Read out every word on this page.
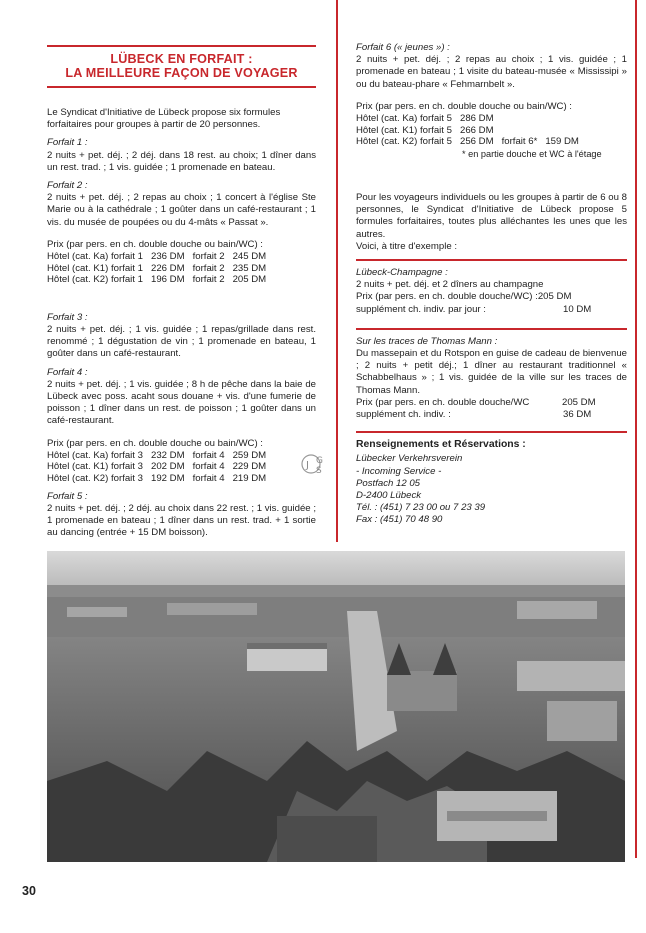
LÜBECK EN FORFAIT :
LA MEILLEURE FAÇON DE VOYAGER

Le Syndicat d'Initiative de Lübeck propose six formules forfaitaires pour groupes à partir de 20 personnes.

Forfait 1 :

2 nuits + pet. déj. ; 2 déj. dans 18 rest. au choix; 1 dîner dans un rest. trad. ; 1 vis. guidée ; 1 promenade en bateau.

Forfait 2 :

2 nuits + pet. déj. ; 2 repas au choix ; 1 concert à l'église Ste Marie ou à la cathédrale ; 1 goûter dans un café-restaurant ; 1 vis. du musée de poupées ou du 4-mâts « Passat ».

Prix (par pers. en ch. double douche ou bain/WC) :

Hôtel (cat. Ka) forfait 1	236 DM	forfait 2	245 DM
Hôtel (cat. K1) forfait 1	226 DM	forfait 2	235 DM
Hôtel (cat. K2) forfait 1	196 DM	forfait 2	205 DM

Forfait 3 :

2 nuits + pet. déj. ; 1 vis. guidée ; 1 repas/grillade dans rest. renommé ; 1 dégustation de vin ; 1 promenade en bateau, 1 goûter dans un café-restaurant.

Forfait 4 :

2 nuits + pet. déj. ; 1 vis. guidée ; 8 h de pêche dans la baie de Lübeck avec poss. acaht sous douane + vis. d'une fumerie de poisson ; 1 dîner dans un rest. de poisson ; 1 goûter dans un café-restaurant.

Prix (par pers. en ch. double douche ou bain/WC) :

Hôtel (cat. Ka) forfait 3	232 DM	forfait 4	259 DM
Hôtel (cat. K1) forfait 3	202 DM	forfait 4	229 DM
Hôtel (cat. K2) forfait 3	192 DM	forfait 4	219 DM

Forfait 5 :

2 nuits + pet. déj. ; 2 déj. au choix dans 22 rest. ; 1 vis. guidée ; 1 promenade en bateau ; 1 dîner dans un rest. trad. + 1 sortie au dancing (entrée + 15 DM boisson).

J G
S

Forfait 6 (« jeunes ») :

2 nuits + pet. déj. ; 2 repas au choix ; 1 vis. guidée ; 1 promenade en bateau ; 1 visite du bateau-musée « Mississipi » ou du bateau-phare « Fehmarnbelt ».

Prix (par pers. en ch. double douche ou bain/WC) :

Hôtel (cat. Ka) forfait 5	286 DM		
Hôtel (cat. K1) forfait 5	266 DM		
Hôtel (cat. K2) forfait 5	256 DM	forfait 6*	159 DM

* en partie douche et WC à l'étage

Pour les voyageurs individuels ou les groupes à partir de 6 ou 8 personnes, le Syndicat d'Initiative de Lübeck propose 5 formules forfaitaires, toutes plus alléchantes les unes que les autres.

Voici, à titre d'exemple :

Lübeck-Champagne :

2 nuits + pet. déj. et 2 dîners au champagne

Prix (par pers. en ch. double douche/WC) :205 DM

supplément ch. indiv. par jour :	10 DM

Sur les traces de Thomas Mann :

Du massepain et du Rotspon en guise de cadeau de bienvenue ; 2 nuits + petit déj.; 1 dîner au restaurant traditionnel « Schabbelhaus » ; 1 vis. guidée de la ville sur les traces de Thomas Mann.

Prix (par pers. en ch. double douche/WC	205 DM

supplément ch. indiv. :	36 DM

Renseignements et Réservations :

Lübecker Verkehrsverein

- Incoming Service -

Postfach 12 05

D-2400 Lübeck

Tél. : (451) 7 23 00 ou 7 23 39

Fax : (451) 70 48 90

30
